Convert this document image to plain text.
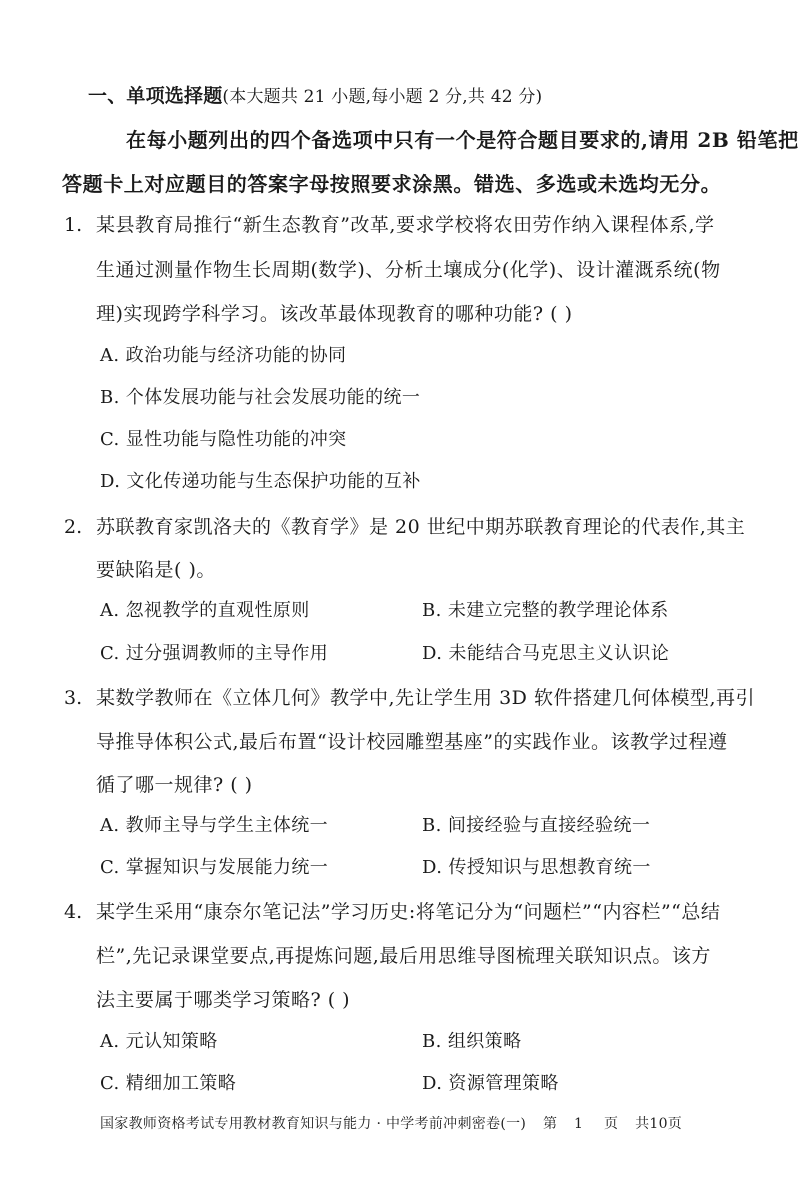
一、单项选择题(本大题共 21 小题,每小题 2 分,共 42 分)
在每小题列出的四个备选项中只有一个是符合题目要求的,请用 2B 铅笔把
答题卡上对应题目的答案字母按照要求涂黑。错选、多选或未选均无分。
1. 某县教育局推行“新生态教育”改革,要求学校将农田劳作纳入课程体系,学
生通过测量作物生长周期(数学)、分析土壤成分(化学)、设计灌溉系统(物
理)实现跨学科学习。该改革最体现教育的哪种功能? ( )
A. 政治功能与经济功能的协同
B. 个体发展功能与社会发展功能的统一
C. 显性功能与隐性功能的冲突
D. 文化传递功能与生态保护功能的互补
2. 苏联教育家凯洛夫的《教育学》是 20 世纪中期苏联教育理论的代表作,其主
要缺陷是( )。
A. 忽视教学的直观性原则	B. 未建立完整的教学理论体系
C. 过分强调教师的主导作用	D. 未能结合马克思主义认识论
3. 某数学教师在《立体几何》教学中,先让学生用 3D 软件搭建几何体模型,再引
导推导体积公式,最后布置“设计校园雕塑基座”的实践作业。该教学过程遵
循了哪一规律? ( )
A. 教师主导与学生主体统一	B. 间接经验与直接经验统一
C. 掌握知识与发展能力统一	D. 传授知识与思想教育统一
4. 某学生采用“康奈尔笔记法”学习历史:将笔记分为“问题栏”“内容栏”“总结
栏”,先记录课堂要点,再提炼问题,最后用思维导图梳理关联知识点。该方
法主要属于哪类学习策略? ( )
A. 元认知策略	B. 组织策略
C. 精细加工策略	D. 资源管理策略
国家教师资格考试专用教材教育知识与能力 · 中学考前冲刺密卷(一) 第 1 页 共10页
